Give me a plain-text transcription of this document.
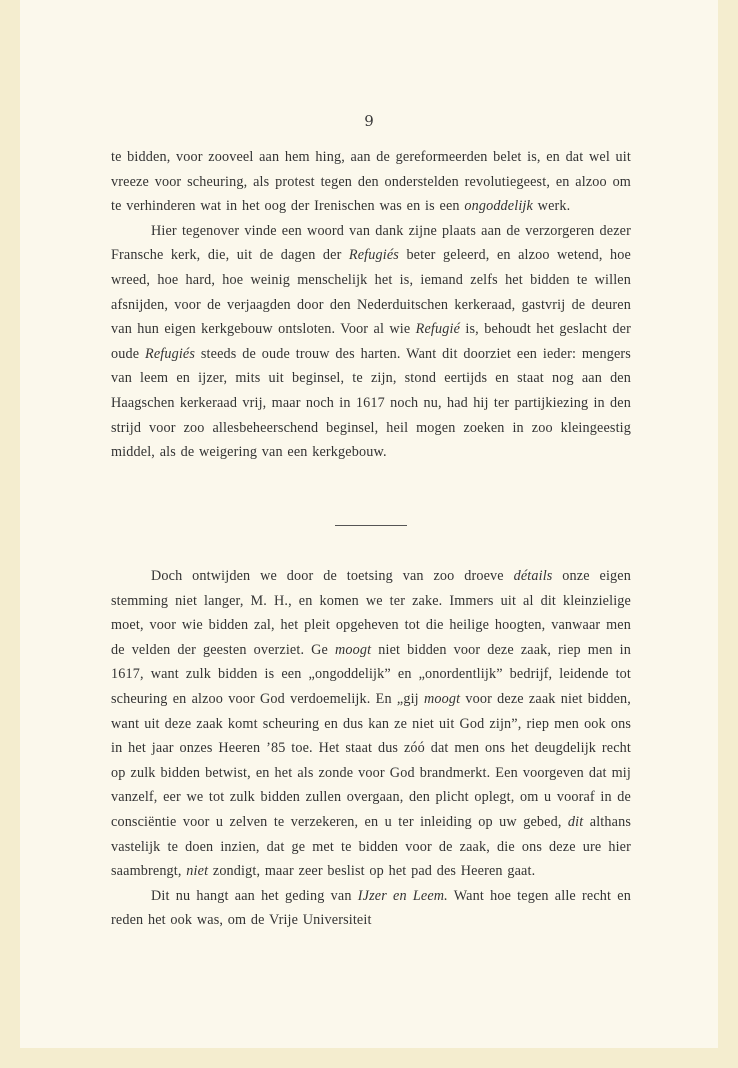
9

te bidden, voor zooveel aan hem hing, aan de gereformeerden belet is, en dat wel uit vreeze voor scheuring, als protest tegen den ondersteldеn revolutiegeest, en alzoo om te verhinderen wat in het oog der Irenischen was en is een ongoddelijk werk.

Hier tegenover vinde een woord van dank zijne plaats aan de verzorgeren dezer Fransche kerk, die, uit de dagen der Refugiés beter geleerd, en alzoo wetend, hoe wreed, hoe hard, hoe weinig menschelijk het is, iemand zelfs het bidden te willen afsnijden, voor de verjaagden door den Nederduitschen kerkeraad, gastvrij de deuren van hun eigen kerkgebouw ontsloten. Voor al wie Refugié is, behoudt het geslacht der oude Refugiés steeds de oude trouw des harten. Want dit doorziet een ieder: mengers van leem en ijzer, mits uit beginsel, te zijn, stond eertijds en staat nog aan den Haagschen kerkeraad vrij, maar noch in 1617 noch nu, had hij ter partijkiezing in den strijd voor zoo allesbeheerschend beginsel, heil mogen zoeken in zoo kleingeestig middel, als de weigering van een kerkgebouw.

Doch ontwijden we door de toetsing van zoo droeve détails onze eigen stemming niet langer, M. H., en komen we ter zake. Immers uit al dit kleinzielige moet, voor wie bidden zal, het pleit opgeheven tot die heilige hoogten, vanwaar men de velden der geesten overziet. Ge moogt niet bidden voor deze zaak, riep men in 1617, want zulk bidden is een „ongoddelijk” en „onordentlijk” bedrijf, leidende tot scheuring en alzoo voor God verdoemelijk. En „gij moogt voor deze zaak niet bidden, want uit deze zaak komt scheuring en dus kan ze niet uit God zijn”, riep men ook ons in het jaar onzes Heeren ’85 toe. Het staat dus zóó dat men ons het deugdelijk recht op zulk bidden betwist, en het als zonde voor God brandmerkt. Een voorgeven dat mij vanzelf, eer we tot zulk bidden zullen overgaan, den plicht oplegt, om u vooraf in de consciëntie voor u zelven te verzekeren, en u ter inleiding op uw gebed, dit althans vastelijk te doen inzien, dat ge met te bidden voor de zaak, die ons deze ure hier saambrengt, niet zondigt, maar zeer beslist op het pad des Heeren gaat.

Dit nu hangt aan het geding van IJzer en Leem. Want hoe tegen alle recht en reden het ook was, om de Vrije Universiteit
